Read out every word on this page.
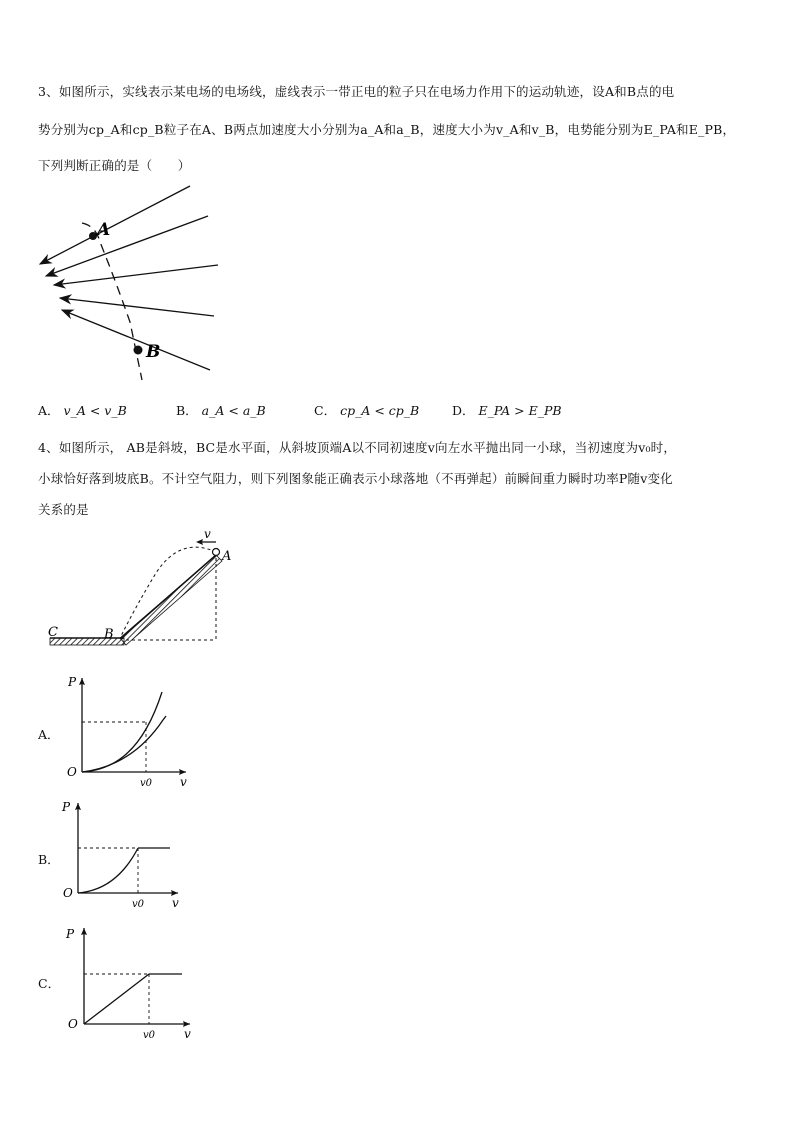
3、如图所示，实线表示某电场的电场线，虚线表示一带正电的粒子只在电场力作用下的运动轨迹，设A和B点的电
势分别为cp_A和cp_B粒子在A、B两点加速度大小分别为a_A和a_B，速度大小为v_A和v_B，电势能分别为E_PA和E_PB，
下列判断正确的是（　　）
A
B
A． v_A < v_B	B． a_A < a_B	C． cp_A < cp_B	D． E_PA > E_PB
4、如图所示， AB是斜坡，BC是水平面，从斜坡顶端A以不同初速度v向左水平抛出同一小球，当初速度为v₀时，
小球恰好落到坡底B。不计空气阻力，则下列图象能正确表示小球落地（不再弹起）前瞬间重力瞬时功率P随v变化
关系的是
v
A
B
C
A．
P
O
v0 v
B．
P
O
v0 v
C．
P
O
v0 v
